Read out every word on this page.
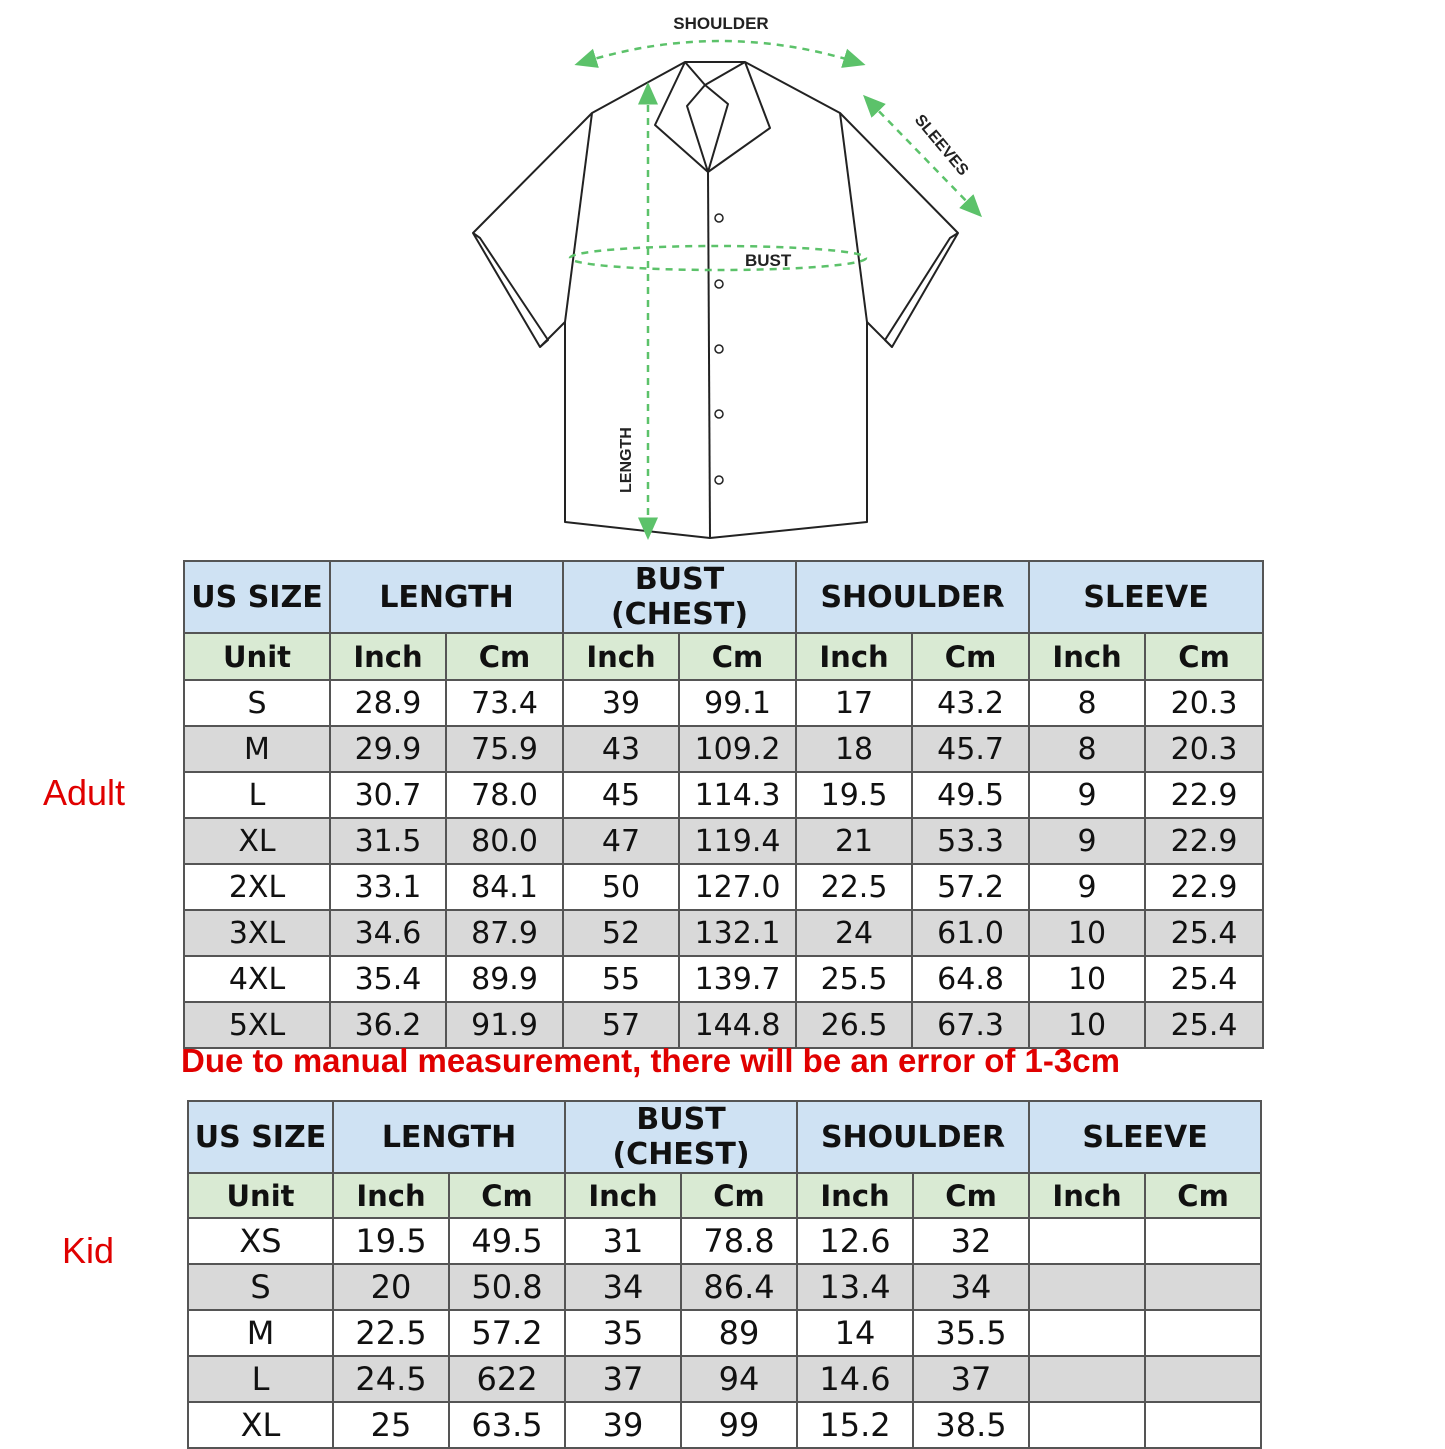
SHOULDER
SLEEVES
BUST
LENGTH
Adult
US SIZE	LENGTH		BUST (CHEST)		SHOULDER		SLEEVE	
Unit	Inch	Cm	Inch	Cm	Inch	Cm	Inch	Cm
S	28.9	73.4	39	99.1	17	43.2	8	20.3
M	29.9	75.9	43	109.2	18	45.7	8	20.3
L	30.7	78.0	45	114.3	19.5	49.5	9	22.9
XL	31.5	80.0	47	119.4	21	53.3	9	22.9
2XL	33.1	84.1	50	127.0	22.5	57.2	9	22.9
3XL	34.6	87.9	52	132.1	24	61.0	10	25.4
4XL	35.4	89.9	55	139.7	25.5	64.8	10	25.4
5XL	36.2	91.9	57	144.8	26.5	67.3	10	25.4
Due to manual measurement, there will be an error of 1-3cm
Kid
US SIZE	LENGTH		BUST (CHEST)		SHOULDER		SLEEVE	
Unit	Inch	Cm	Inch	Cm	Inch	Cm	Inch	Cm
XS	19.5	49.5	31	78.8	12.6	32		
S	20	50.8	34	86.4	13.4	34		
M	22.5	57.2	35	89	14	35.5		
L	24.5	622	37	94	14.6	37		
XL	25	63.5	39	99	15.2	38.5		
